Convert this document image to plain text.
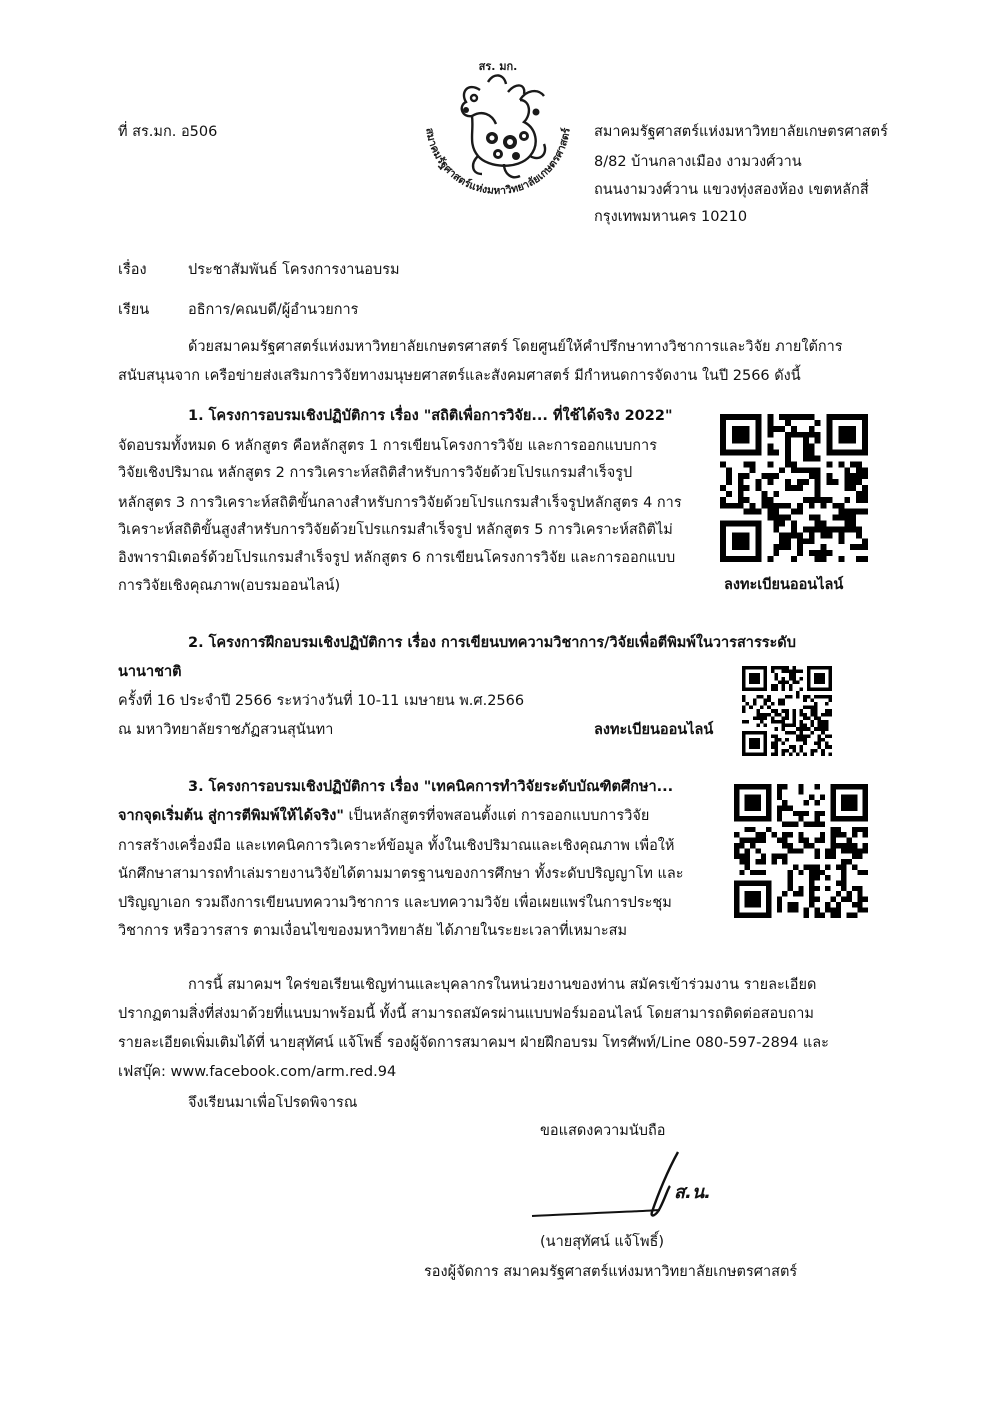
ที่ สร.มก. อ506
สร. มก.
สมาคมรัฐศาสตร์แห่งมหาวิทยาลัยเกษตรศาสตร์ สมาคมรัฐศาสตร์แห่งมหาวิทยาลัยเกษตรศาสตร์
8/82 บ้านกลางเมือง งามวงศ์วาน
ถนนงามวงศ์วาน แขวงทุ่งสองห้อง เขตหลักสี่
กรุงเทพมหานคร 10210
เรื่อง	ประชาสัมพันธ์ โครงการงานอบรม
เรียน	อธิการ/คณบดี/ผู้อำนวยการ
ด้วยสมาคมรัฐศาสตร์แห่งมหาวิทยาลัยเกษตรศาสตร์ โดยศูนย์ให้คำปรึกษาทางวิชาการและวิจัย ภายใต้การ
สนับสนุนจาก เครือข่ายส่งเสริมการวิจัยทางมนุษยศาสตร์และสังคมศาสตร์ มีกำหนดการจัดงาน ในปี 2566 ดังนี้
1. โครงการอบรมเชิงปฏิบัติการ เรื่อง "สถิติเพื่อการวิจัย... ที่ใช้ได้จริง 2022"
จัดอบรมทั้งหมด 6 หลักสูตร คือหลักสูตร 1 การเขียนโครงการวิจัย และการออกแบบการ
วิจัยเชิงปริมาณ หลักสูตร 2 การวิเคราะห์สถิติสำหรับการวิจัยด้วยโปรแกรมสำเร็จรูป
หลักสูตร 3 การวิเคราะห์สถิติขั้นกลางสำหรับการวิจัยด้วยโปรแกรมสำเร็จรูปหลักสูตร 4 การ
วิเคราะห์สถิติขั้นสูงสำหรับการวิจัยด้วยโปรแกรมสำเร็จรูป หลักสูตร 5 การวิเคราะห์สถิติไม่
อิงพารามิเตอร์ด้วยโปรแกรมสำเร็จรูป หลักสูตร 6 การเขียนโครงการวิจัย และการออกแบบ
การวิจัยเชิงคุณภาพ(อบรมออนไลน์)	ลงทะเบียนออนไลน์
2. โครงการฝึกอบรมเชิงปฏิบัติการ เรื่อง การเขียนบทความวิชาการ/วิจัยเพื่อตีพิมพ์ในวารสารระดับ
นานาชาติ
ครั้งที่ 16 ประจำปี 2566 ระหว่างวันที่ 10-11 เมษายน พ.ศ.2566
ณ มหาวิทยาลัยราชภัฏสวนสุนันทา	ลงทะเบียนออนไลน์
3. โครงการอบรมเชิงปฏิบัติการ เรื่อง "เทคนิคการทำวิจัยระดับบัณฑิตศึกษา...
จากจุดเริ่มต้น สู่การตีพิมพ์ให้ได้จริง" เป็นหลักสูตรที่จพสอนตั้งแต่ การออกแบบการวิจัย
การสร้างเครื่องมือ และเทคนิคการวิเคราะห์ข้อมูล ทั้งในเชิงปริมาณและเชิงคุณภาพ เพื่อให้
นักศึกษาสามารถทำเล่มรายงานวิจัยได้ตามมาตรฐานของการศึกษา ทั้งระดับปริญญาโท และ
ปริญญาเอก รวมถึงการเขียนบทความวิชาการ และบทความวิจัย เพื่อเผยแพร่ในการประชุม
วิชาการ หรือวารสาร ตามเงื่อนไขของมหาวิทยาลัย ได้ภายในระยะเวลาที่เหมาะสม
การนี้ สมาคมฯ ใคร่ขอเรียนเชิญท่านและบุคลากรในหน่วยงานของท่าน สมัครเข้าร่วมงาน รายละเอียด
ปรากฏตามสิ่งที่ส่งมาด้วยที่แนบมาพร้อมนี้ ทั้งนี้ สามารถสมัครผ่านแบบฟอร์มออนไลน์ โดยสามารถติดต่อสอบถาม
รายละเอียดเพิ่มเติมได้ที่ นายสุทัศน์ แจ้โพธิ์ รองผู้จัดการสมาคมฯ ฝ่ายฝึกอบรม โทรศัพท์/Line 080-597-2894 และ
เฟสบุ๊ค: www.facebook.com/arm.red.94
จึงเรียนมาเพื่อโปรดพิจารณ
ขอแสดงความนับถือ
ส.น.
(นายสุทัศน์ แจ้โพธิ์)
รองผู้จัดการ สมาคมรัฐศาสตร์แห่งมหาวิทยาลัยเกษตรศาสตร์
